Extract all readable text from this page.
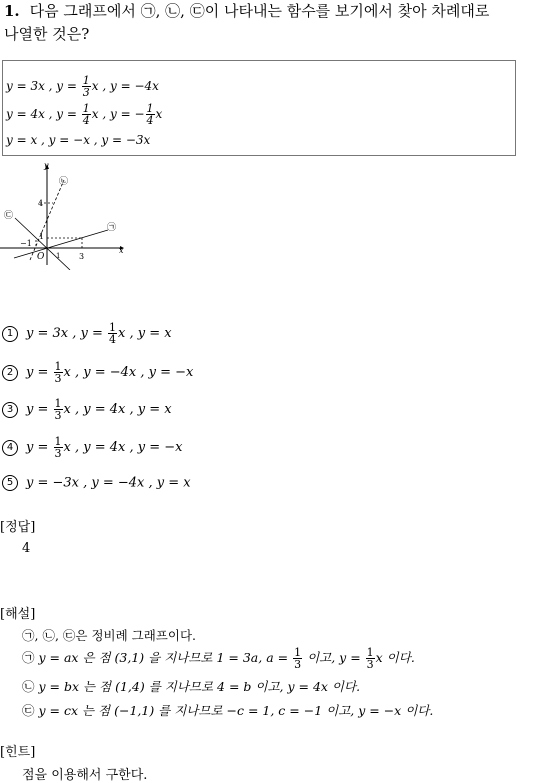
1. 다음 그래프에서 ㉠, ㉡, ㉢이 나타내는 함수를 보기에서 찾아 차례대로
나열한 것은?
y = 3x , $y = \frac{1}{3}$ x , y = −4x
y = 4x , $y = \frac{1}{4}$ x , y = − $\frac{1}{4}$ x
y = x , y = −x , y = −3x
y
x
4
1
−1
O 1 3
㉡
㉠
㉢
1 y = 3x , $y = \frac{1}{4}$ x , y = x
2 $y = \frac{1}{3}$ x , y = −4x , y = −x
3 $y = \frac{1}{3}$ x , y = 4x , y = x
4 $y = \frac{1}{3}$ x , y = 4x , y = −x
5 y = −3x , y = −4x , y = x
[정답]
4
[해설]
㉠, ㉡, ㉢은 정비례 그래프이다.
㉠ y = ax 은 점 (3,1) 을 지나므로 1 = 3a, $a = \frac{1}{3}$ 이고, $y = \frac{1}{3}$ x 이다.
㉡ y = bx 는 점 (1,4) 를 지나므로 4 = b 이고, y = 4x 이다.
㉢ y = cx 는 점 (−1,1) 를 지나므로 −c = 1, c = −1 이고, y = −x 이다.
[힌트]
점을 이용해서 구한다.
